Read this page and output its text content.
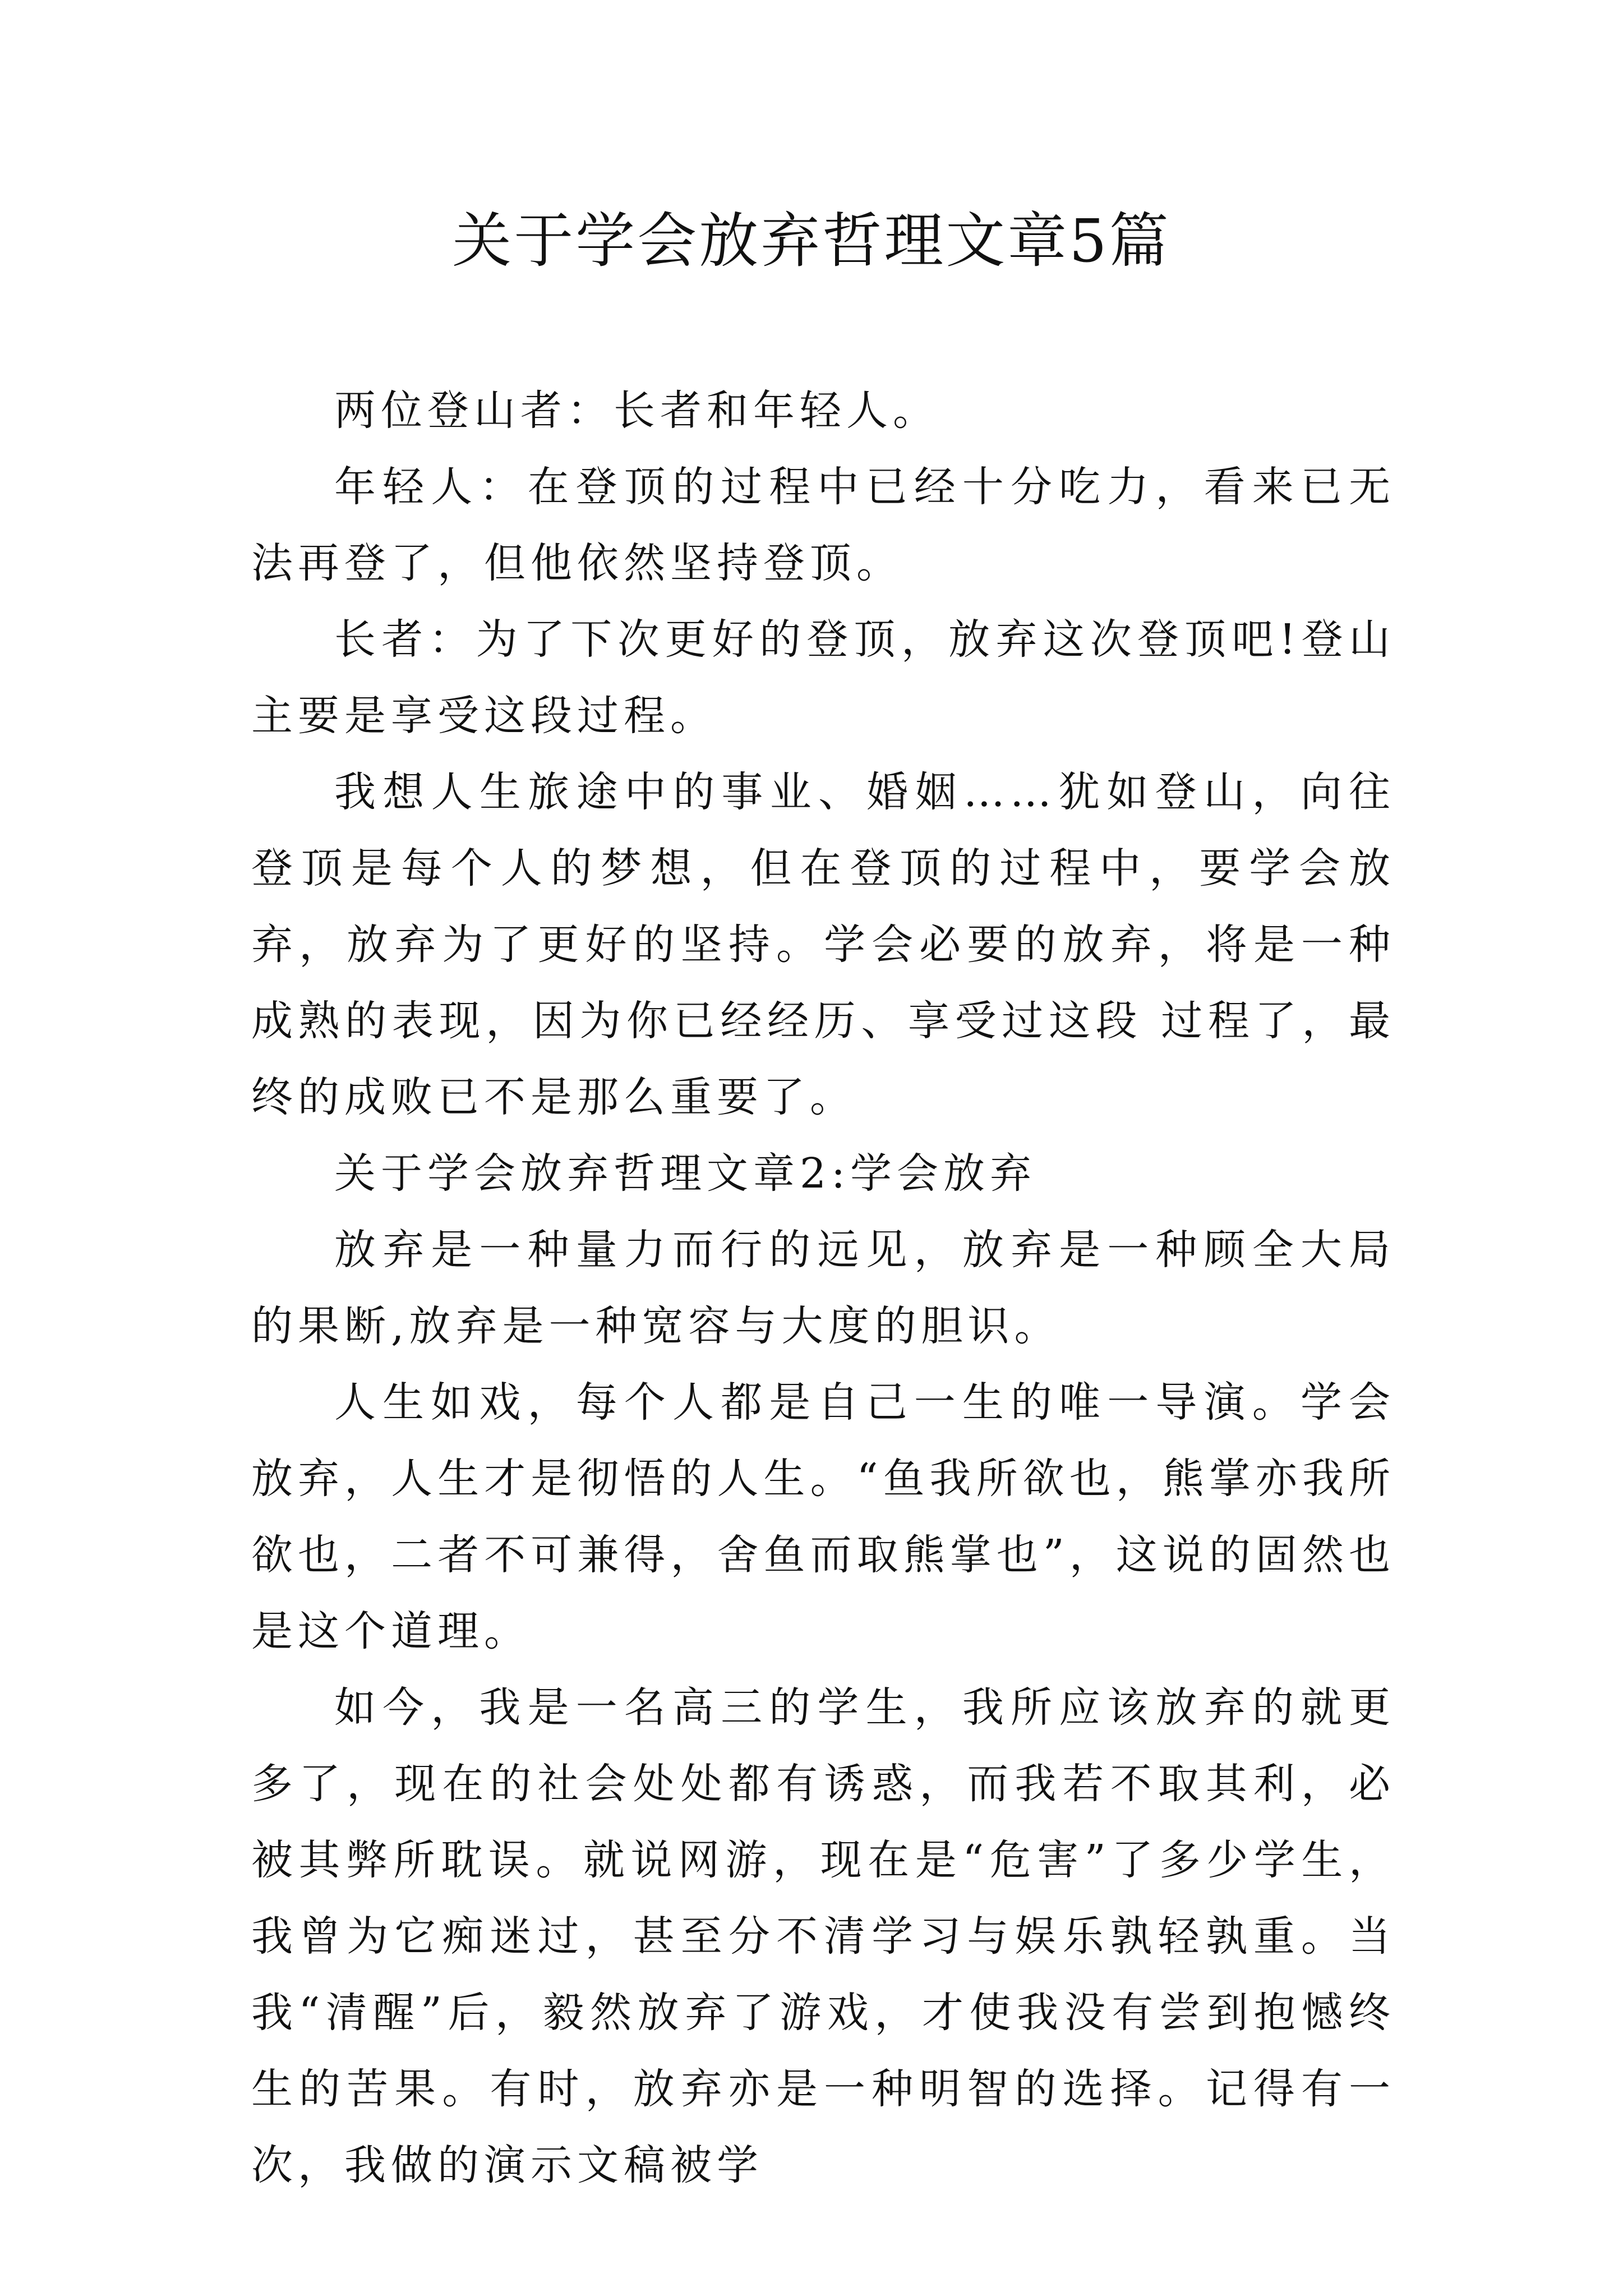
关于学会放弃哲理文章5篇

两位登山者：长者和年轻人。

年轻人：在登顶的过程中已经十分吃力，看来已无法再登了，但他依然坚持登顶。

长者：为了下次更好的登顶，放弃这次登顶吧!登山主要是享受这段过程。

我想人生旅途中的事业、婚姻……犹如登山，向往登顶是每个人的梦想，但在登顶的过程中，要学会放弃，放弃为了更好的坚持。学会必要的放弃，将是一种成熟的表现，因为你已经经历、享受过这段 过程了，最终的成败已不是那么重要了。

关于学会放弃哲理文章2:学会放弃

放弃是一种量力而行的远见，放弃是一种顾全大局的果断,放弃是一种宽容与大度的胆识。

人生如戏，每个人都是自己一生的唯一导演。学会放弃，人生才是彻悟的人生。“鱼我所欲也，熊掌亦我所欲也，二者不可兼得，舍鱼而取熊掌也”，这说的固然也是这个道理。

如今，我是一名高三的学生，我所应该放弃的就更多了，现在的社会处处都有诱惑，而我若不取其利，必被其弊所耽误。就说网游，现在是“危害”了多少学生，我曾为它痴迷过，甚至分不清学习与娱乐孰轻孰重。当我“清醒”后，毅然放弃了游戏，才使我没有尝到抱憾终生的苦果。有时，放弃亦是一种明智的选择。记得有一次，我做的演示文稿被学
